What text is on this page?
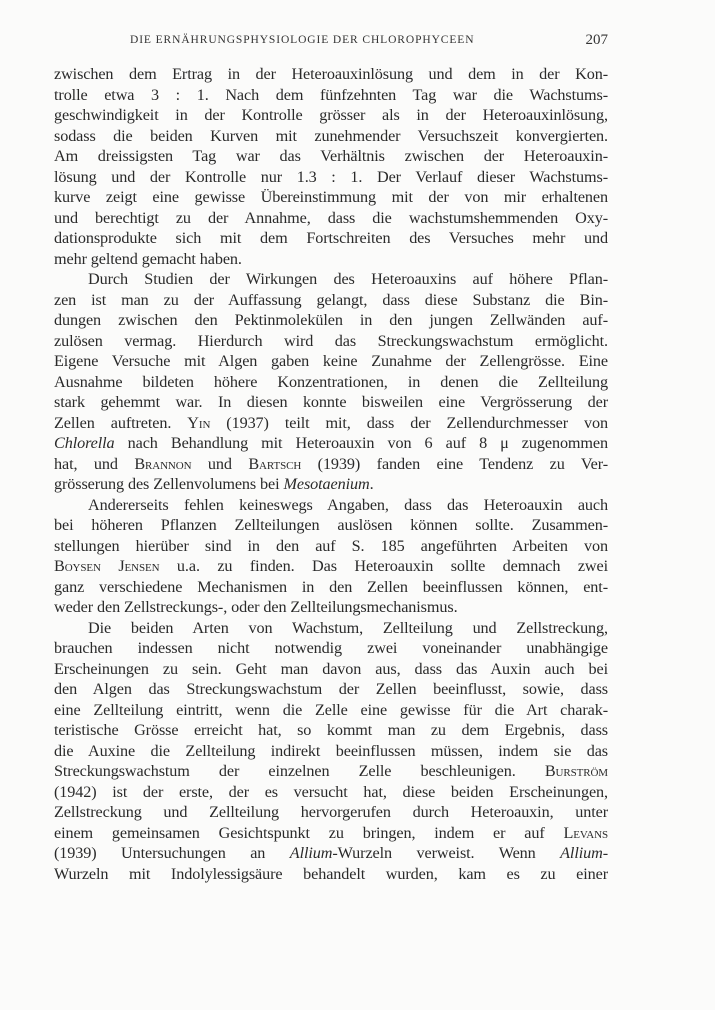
DIE ERNÄHRUNGSPHYSIOLOGIE DER CHLOROPHYCEEN	207
zwischen dem Ertrag in der Heteroauxinlösung und dem in der Kon-
trolle etwa 3 : 1. Nach dem fünfzehnten Tag war die Wachstums-
geschwindigkeit in der Kontrolle grösser als in der Heteroauxinlösung,
sodass die beiden Kurven mit zunehmender Versuchszeit konvergierten.
Am dreissigsten Tag war das Verhältnis zwischen der Heteroauxin-
lösung und der Kontrolle nur 1.3 : 1. Der Verlauf dieser Wachstums-
kurve zeigt eine gewisse Übereinstimmung mit der von mir erhaltenen
und berechtigt zu der Annahme, dass die wachstumshemmenden Oxy-
dationsprodukte sich mit dem Fortschreiten des Versuches mehr und
mehr geltend gemacht haben.
Durch Studien der Wirkungen des Heteroauxins auf höhere Pflan-
zen ist man zu der Auffassung gelangt, dass diese Substanz die Bin-
dungen zwischen den Pektinmolekülen in den jungen Zellwänden auf-
zulösen vermag. Hierdurch wird das Streckungswachstum ermöglicht.
Eigene Versuche mit Algen gaben keine Zunahme der Zellengrösse. Eine
Ausnahme bildeten höhere Konzentrationen, in denen die Zellteilung
stark gehemmt war. In diesen konnte bisweilen eine Vergrösserung der
Zellen auftreten. Yin (1937) teilt mit, dass der Zellendurchmesser von
Chlorella nach Behandlung mit Heteroauxin von 6 auf 8 μ zugenommen
hat, und Brannon und Bartsch (1939) fanden eine Tendenz zu Ver-
grösserung des Zellenvolumens bei Mesotaenium.
Andererseits fehlen keineswegs Angaben, dass das Heteroauxin auch
bei höheren Pflanzen Zellteilungen auslösen können sollte. Zusammen-
stellungen hierüber sind in den auf S. 185 angeführten Arbeiten von
Boysen Jensen u.a. zu finden. Das Heteroauxin sollte demnach zwei
ganz verschiedene Mechanismen in den Zellen beeinflussen können, ent-
weder den Zellstreckungs-, oder den Zellteilungsmechanismus.
Die beiden Arten von Wachstum, Zellteilung und Zellstreckung,
brauchen indessen nicht notwendig zwei voneinander unabhängige
Erscheinungen zu sein. Geht man davon aus, dass das Auxin auch bei
den Algen das Streckungswachstum der Zellen beeinflusst, sowie, dass
eine Zellteilung eintritt, wenn die Zelle eine gewisse für die Art charak-
teristische Grösse erreicht hat, so kommt man zu dem Ergebnis, dass
die Auxine die Zellteilung indirekt beeinflussen müssen, indem sie das
Streckungswachstum der einzelnen Zelle beschleunigen. Burström
(1942) ist der erste, der es versucht hat, diese beiden Erscheinungen,
Zellstreckung und Zellteilung hervorgerufen durch Heteroauxin, unter
einem gemeinsamen Gesichtspunkt zu bringen, indem er auf Levans
(1939) Untersuchungen an Allium-Wurzeln verweist. Wenn Allium-
Wurzeln mit Indolylessigsäure behandelt wurden, kam es zu einer
